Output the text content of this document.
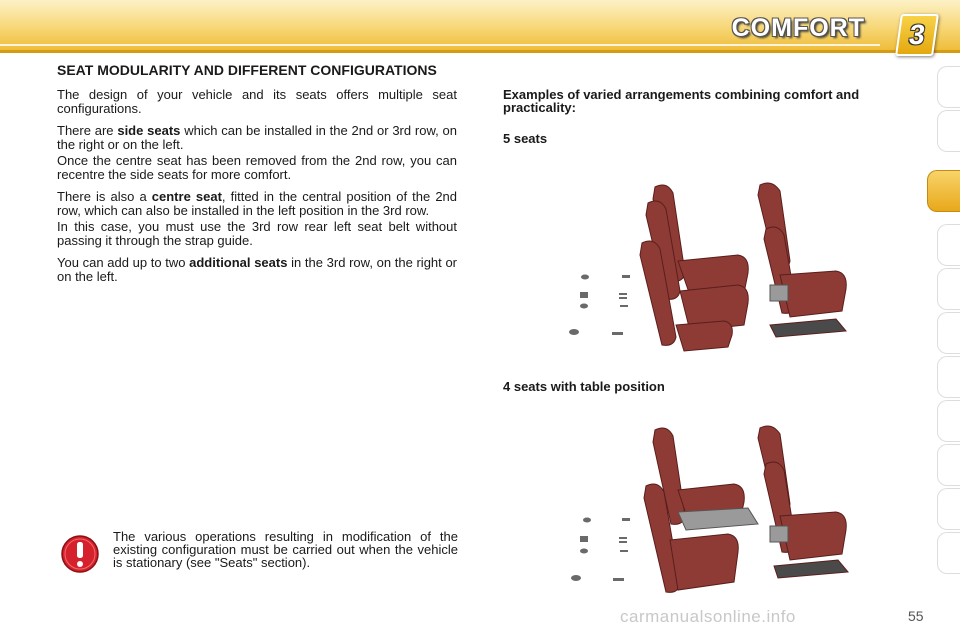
COMFORT	3
SEAT MODULARITY AND DIFFERENT CONFIGURATIONS

The design of your vehicle and its seats offers multiple seat configurations.

There are side seats which can be installed in the 2nd or 3rd row, on the right or on the left.

Once the centre seat has been removed from the 2nd row, you can recentre the side seats for more comfort.

There is also a centre seat, fitted in the central position of the 2nd row, which can also be installed in the left position in the 3rd row.

In this case, you must use the 3rd row rear left seat belt without passing it through the strap guide.

You can add up to two additional seats in the 3rd row, on the right or on the left.

Examples of varied arrangements combining comfort and practicality:
5 seats
4 seats with table position
The various operations resulting in modification of the existing configuration must be carried out when the vehicle is stationary (see "Seats" section).
carmanualsonline.info	55
